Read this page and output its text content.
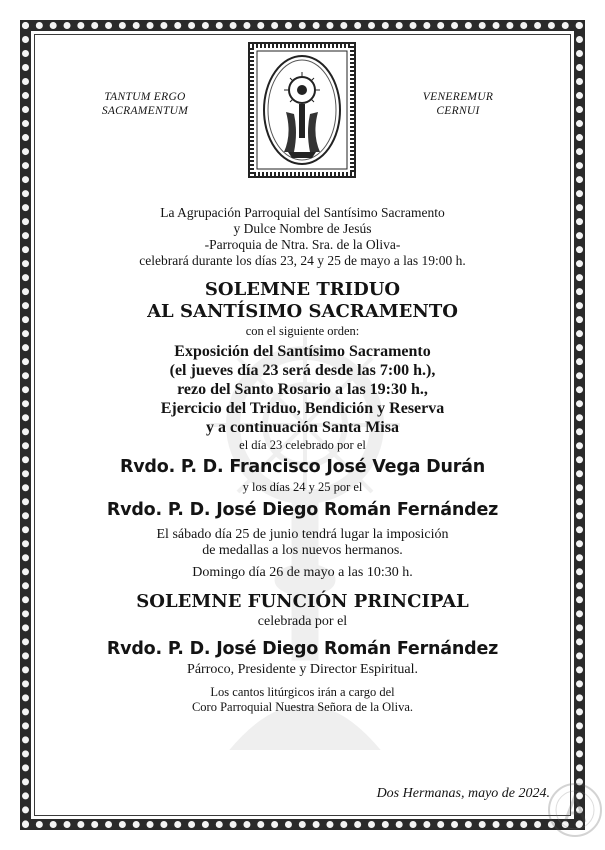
TANTUM ERGO
SACRAMENTUM
VENEREMUR
CERNUI
La Agrupación Parroquial del Santísimo Sacramento
y Dulce Nombre de Jesús
-Parroquia de Ntra. Sra. de la Oliva-
celebrará durante los días 23, 24 y 25 de mayo a las 19:00 h.
SOLEMNE TRIDUO
AL SANTÍSIMO SACRAMENTO
con el siguiente orden:
Exposición del Santísimo Sacramento
(el jueves día 23 será desde las 7:00 h.),
rezo del Santo Rosario a las 19:30 h.,
Ejercicio del Triduo, Bendición y Reserva
y a continuación Santa Misa
el día 23 celebrado por el
Rvdo. P. D. Francisco José Vega Durán
y los días 24 y 25 por el
Rvdo. P. D. José Diego Román Fernández
El sábado día 25 de junio tendrá lugar la imposición
de medallas a los nuevos hermanos.
Domingo día 26 de mayo a las 10:30 h.
SOLEMNE FUNCIÓN PRINCIPAL
celebrada por el
Rvdo. P. D. José Diego Román Fernández
Párroco, Presidente y Director Espiritual.
Los cantos litúrgicos irán a cargo del
Coro Parroquial Nuestra Señora de la Oliva.
Dos Hermanas, mayo de 2024.
